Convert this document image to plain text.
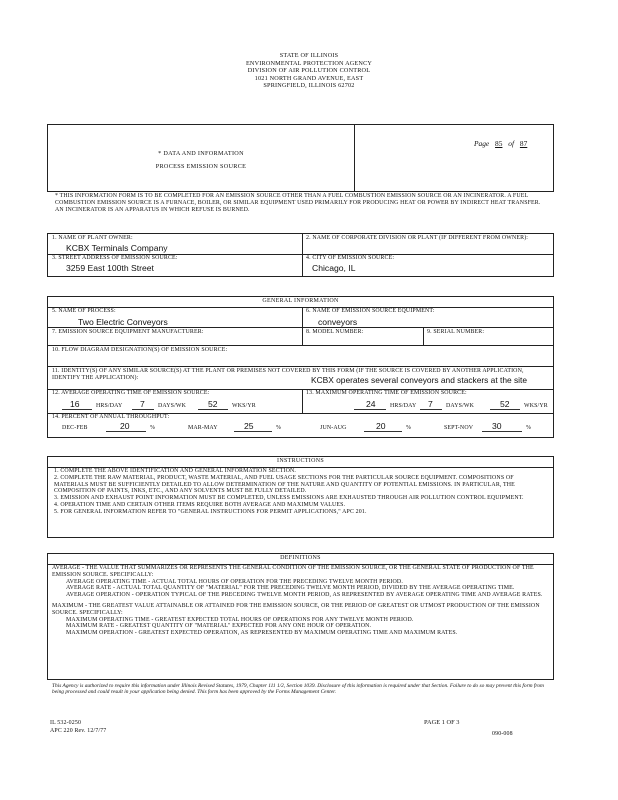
STATE OF ILLINOIS
ENVIRONMENTAL PROTECTION AGENCY
DIVISION OF AIR POLLUTION CONTROL
1021 NORTH GRAND AVENUE, EAST
SPRINGFIELD, ILLINOIS 62702
Page 85 of 87
* DATA AND INFORMATION
PROCESS EMISSION SOURCE
* THIS INFORMATION FORM IS TO BE COMPLETED FOR AN EMISSION SOURCE OTHER THAN A FUEL COMBUSTION EMISSION SOURCE OR AN INCINERATOR. A FUEL COMBUSTION EMISSION SOURCE IS A FURNACE, BOILER, OR SIMILAR EQUIPMENT USED PRIMARILY FOR PRODUCING HEAT OR POWER BY INDIRECT HEAT TRANSFER. AN INCINERATOR IS AN APPARATUS IN WHICH REFUSE IS BURNED.
1. NAME OF PLANT OWNER:
KCBX Terminals Company
2. NAME OF CORPORATE DIVISION OR PLANT (IF DIFFERENT FROM OWNER):
3. STREET ADDRESS OF EMISSION SOURCE:
3259 East 100th Street
4. CITY OF EMISSION SOURCE:
Chicago, IL
GENERAL INFORMATION
5. NAME OF PROCESS:
Two Electric Conveyors
6. NAME OF EMISSION SOURCE EQUIPMENT:
conveyors
7. EMISSION SOURCE EQUIPMENT MANUFACTURER:	8. MODEL NUMBER:	9. SERIAL NUMBER:
10. FLOW DIAGRAM DESIGNATION(S) OF EMISSION SOURCE:
11. IDENTITY(S) OF ANY SIMILAR SOURCE(S) AT THE PLANT OR PREMISES NOT COVERED BY THIS FORM (IF THE SOURCE IS COVERED BY ANOTHER APPLICATION, IDENTIFY THE APPLICATION):	KCBX operates several conveyors and stackers at the site
12. AVERAGE OPERATING TIME OF EMISSION SOURCE:
16	HRS/DAY 7 DAYS/WK	52 WKS/YR
13. MAXIMUM OPERATING TIME OF EMISSION SOURCE:
24 HRS/DAY 7 DAYS/WK	52 WKS/YR
14. PERCENT OF ANNUAL THROUGHPUT:
DEC-FEB	20	%	MAR-MAY	25	%	JUN-AUG	20	%	SEPT-NOV 30	%
INSTRUCTIONS
1. COMPLETE THE ABOVE IDENTIFICATION AND GENERAL INFORMATION SECTION.
2. COMPLETE THE RAW MATERIAL, PRODUCT, WASTE MATERIAL, AND FUEL USAGE SECTIONS FOR THE PARTICULAR SOURCE EQUIPMENT. COMPOSITIONS OF MATERIALS MUST BE SUFFICIENTLY DETAILED TO ALLOW DETERMINATION OF THE NATURE AND QUANTITY OF POTENTIAL EMISSIONS. IN PARTICULAR, THE COMPOSITION OF PAINTS, INKS, ETC., AND ANY SOLVENTS MUST BE FULLY DETAILED.
3. EMISSION AND EXHAUST POINT INFORMATION MUST BE COMPLETED, UNLESS EMISSIONS ARE EXHAUSTED THROUGH AIR POLLUTION CONTROL EQUIPMENT.
4. OPERATION TIME AND CERTAIN OTHER ITEMS REQUIRE BOTH AVERAGE AND MAXIMUM VALUES.
5. FOR GENERAL INFORMATION REFER TO "GENERAL INSTRUCTIONS FOR PERMIT APPLICATIONS," APC 201.
DEFINITIONS
AVERAGE - THE VALUE THAT SUMMARIZES OR REPRESENTS THE GENERAL CONDITION OF THE EMISSION SOURCE, OR THE GENERAL STATE OF PRODUCTION OF THE EMISSION SOURCE. SPECIFICALLY:
AVERAGE OPERATING TIME - ACTUAL TOTAL HOURS OF OPERATION FOR THE PRECEDING TWELVE MONTH PERIOD.
AVERAGE RATE - ACTUAL TOTAL QUANTITY OF "MATERIAL" FOR THE PRECEDING TWELVE MONTH PERIOD, DIVIDED BY THE AVERAGE OPERATING TIME.
AVERAGE OPERATION - OPERATION TYPICAL OF THE PRECEDING TWELVE MONTH PERIOD, AS REPRESENTED BY AVERAGE OPERATING TIME AND AVERAGE RATES.
MAXIMUM - THE GREATEST VALUE ATTAINABLE OR ATTAINED FOR THE EMISSION SOURCE, OR THE PERIOD OF GREATEST OR UTMOST PRODUCTION OF THE EMISSION SOURCE. SPECIFICALLY:
MAXIMUM OPERATING TIME - GREATEST EXPECTED TOTAL HOURS OF OPERATIONS FOR ANY TWELVE MONTH PERIOD.
MAXIMUM RATE - GREATEST QUANTITY OF "MATERIAL" EXPECTED FOR ANY ONE HOUR OF OPERATION.
MAXIMUM OPERATION - GREATEST EXPECTED OPERATION, AS REPRESENTED BY MAXIMUM OPERATING TIME AND MAXIMUM RATES.
This Agency is authorized to require this information under Illinois Revised Statutes, 1979, Chapter 111 1/2, Section 1039. Disclosure of this information is required under that Section. Failure to do so may prevent this form from being processed and could result in your application being denied. This form has been approved by the Forms Management Center.
IL 532-0250
APC 220 Rev. 12/7/77
PAGE 1 OF 3
090-008
